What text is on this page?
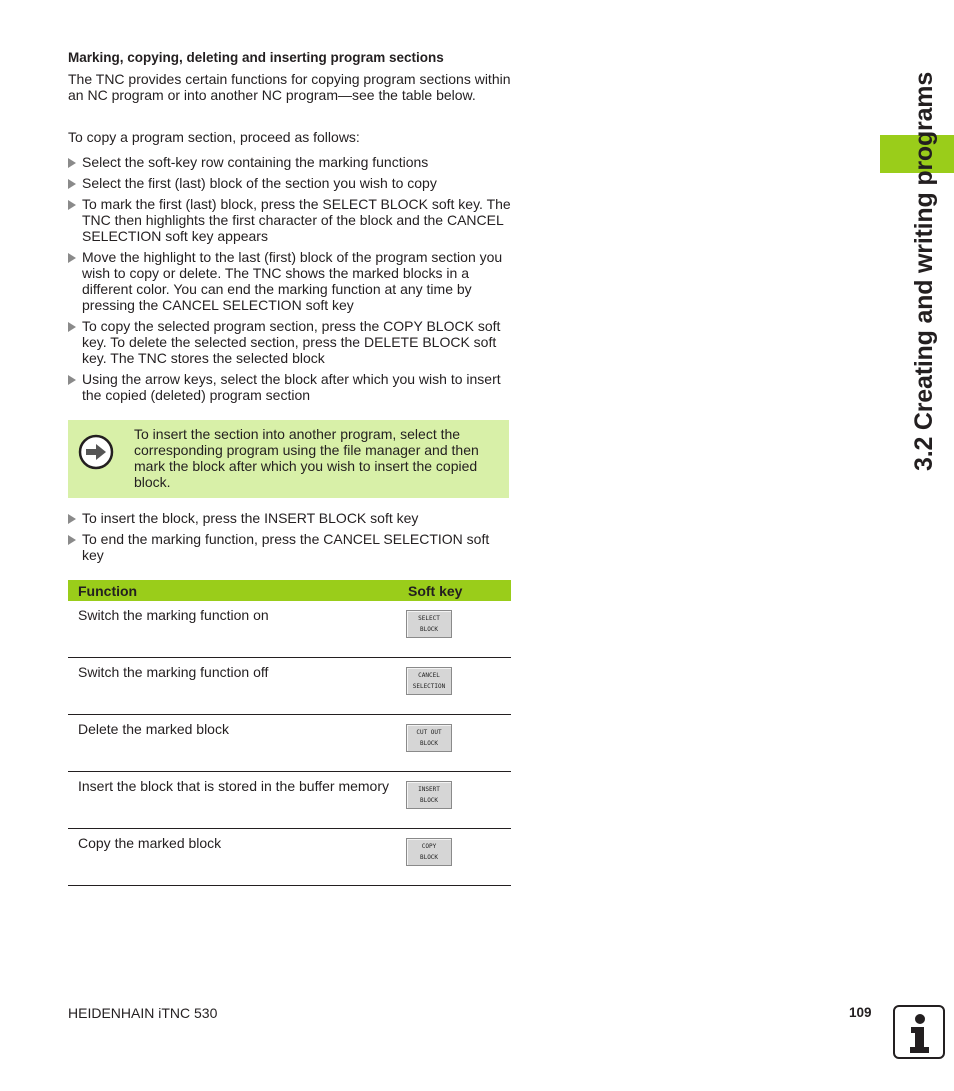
3.2 Creating and writing programs
Marking, copying, deleting and inserting program sections

The TNC provides certain functions for copying program sections within an NC program or into another NC program—see the table below.

To copy a program section, proceed as follows:

Select the soft-key row containing the marking functions
Select the first (last) block of the section you wish to copy
To mark the first (last) block, press the SELECT BLOCK soft key. The TNC then highlights the first character of the block and the CANCEL SELECTION soft key appears
Move the highlight to the last (first) block of the program section you wish to copy or delete. The TNC shows the marked blocks in a different color. You can end the marking function at any time by pressing the CANCEL SELECTION soft key
To copy the selected program section, press the COPY BLOCK soft key. To delete the selected section, press the DELETE BLOCK soft key. The TNC stores the selected block
Using the arrow keys, select the block after which you wish to insert the copied (deleted) program section
To insert the section into another program, select the corresponding program using the file manager and then mark the block after which you wish to insert the copied block.
To insert the block, press the INSERT BLOCK soft key
To end the marking function, press the CANCEL SELECTION soft key
Function	Soft key
Switch the marking function on	SELECT
BLOCK

Switch the marking function off	CANCEL
SELECTION

Delete the marked block	CUT OUT
BLOCK

Insert the block that is stored in the buffer memory	INSERT
BLOCK

Copy the marked block	COPY
BLOCK
HEIDENHAIN iTNC 530	109
